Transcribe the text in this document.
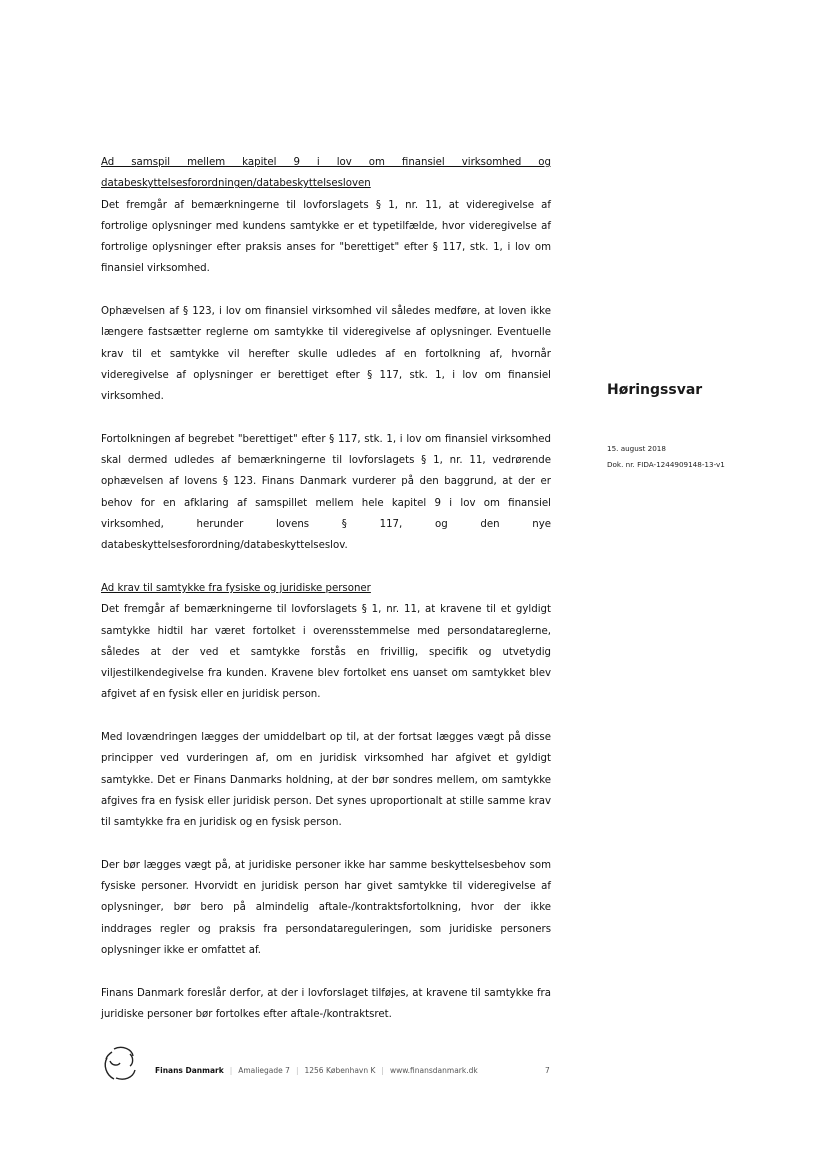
Ad samspil mellem kapitel 9 i lov om finansiel virksomhed og databeskyttelsesforordningen/databeskyttelsesloven
Det fremgår af bemærkningerne til lovforslagets § 1, nr. 11, at videregivelse af fortrolige oplysninger med kundens samtykke er et typetilfælde, hvor videregivelse af fortrolige oplysninger efter praksis anses for "berettiget" efter § 117, stk. 1, i lov om finansiel virksomhed.

Ophævelsen af § 123, i lov om finansiel virksomhed vil således medføre, at loven ikke længere fastsætter reglerne om samtykke til videregivelse af oplysninger. Eventuelle krav til et samtykke vil herefter skulle udledes af en fortolkning af, hvornår videregivelse af oplysninger er berettiget efter § 117, stk. 1, i lov om finansiel virksomhed.

Fortolkningen af begrebet "berettiget" efter § 117, stk. 1, i lov om finansiel virksomhed skal dermed udledes af bemærkningerne til lovforslagets § 1, nr. 11, vedrørende ophævelsen af lovens § 123. Finans Danmark vurderer på den baggrund, at der er behov for en afklaring af samspillet mellem hele kapitel 9 i lov om finansiel virksomhed, herunder lovens § 117, og den nye databeskyttelsesforordning/databeskyttelseslov.

Ad krav til samtykke fra fysiske og juridiske personer
Det fremgår af bemærkningerne til lovforslagets § 1, nr. 11, at kravene til et gyldigt samtykke hidtil har været fortolket i overensstemmelse med persondatareglerne, således at der ved et samtykke forstås en frivillig, specifik og utvetydig viljestilkendegivelse fra kunden. Kravene blev fortolket ens uanset om samtykket blev afgivet af en fysisk eller en juridisk person.

Med lovændringen lægges der umiddelbart op til, at der fortsat lægges vægt på disse principper ved vurderingen af, om en juridisk virksomhed har afgivet et gyldigt samtykke. Det er Finans Danmarks holdning, at der bør sondres mellem, om samtykke afgives fra en fysisk eller juridisk person. Det synes uproportionalt at stille samme krav til samtykke fra en juridisk og en fysisk person.

Der bør lægges vægt på, at juridiske personer ikke har samme beskyttelsesbehov som fysiske personer. Hvorvidt en juridisk person har givet samtykke til videregivelse af oplysninger, bør bero på almindelig aftale-/kontraktsfortolkning, hvor der ikke inddrages regler og praksis fra persondatareguleringen, som juridiske personers oplysninger ikke er omfattet af.

Finans Danmark foreslår derfor, at der i lovforslaget tilføjes, at kravene til samtykke fra juridiske personer bør fortolkes efter aftale-/kontraktsret.

Høringssvar
15. august 2018
Dok. nr. FIDA-1244909148-13-v1
Finans Danmark | Amaliegade 7 | 1256 København K | www.finansdanmark.dk	7
